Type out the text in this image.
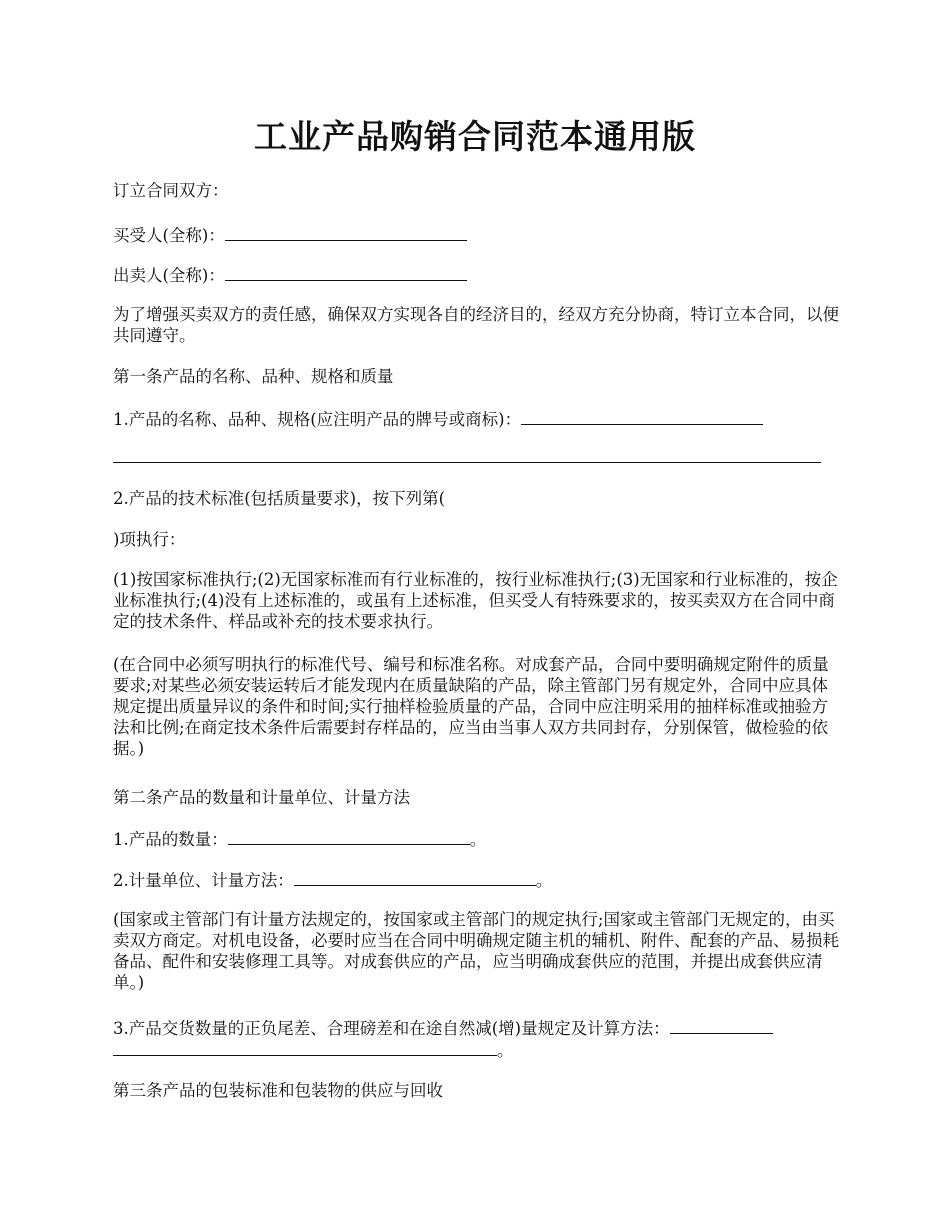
工业产品购销合同范本通用版

订立合同双方：

买受人(全称)：

出卖人(全称)：

为了增强买卖双方的责任感，确保双方实现各自的经济目的，经双方充分协商，特订立本合同，以便共同遵守。

第一条产品的名称、品种、规格和质量

1.产品的名称、品种、规格(应注明产品的牌号或商标)：

2.产品的技术标准(包括质量要求)，按下列第(

)项执行：

(1)按国家标准执行;(2)无国家标准而有行业标准的，按行业标准执行;(3)无国家和行业标准的，按企业标准执行;(4)没有上述标准的，或虽有上述标准，但买受人有特殊要求的，按买卖双方在合同中商定的技术条件、样品或补充的技术要求执行。

(在合同中必须写明执行的标准代号、编号和标准名称。对成套产品，合同中要明确规定附件的质量要求;对某些必须安装运转后才能发现内在质量缺陷的产品，除主管部门另有规定外，合同中应具体规定提出质量异议的条件和时间;实行抽样检验质量的产品，合同中应注明采用的抽样标准或抽验方法和比例;在商定技术条件后需要封存样品的，应当由当事人双方共同封存，分别保管，做检验的依据。)

第二条产品的数量和计量单位、计量方法

1.产品的数量：	。

2.计量单位、计量方法：	。

(国家或主管部门有计量方法规定的，按国家或主管部门的规定执行;国家或主管部门无规定的，由买卖双方商定。对机电设备，必要时应当在合同中明确规定随主机的辅机、附件、配套的产品、易损耗备品、配件和安装修理工具等。对成套供应的产品，应当明确成套供应的范围，并提出成套供应清单。)

3.产品交货数量的正负尾差、合理磅差和在途自然减(增)量规定及计算方法：
。

第三条产品的包装标准和包装物的供应与回收
